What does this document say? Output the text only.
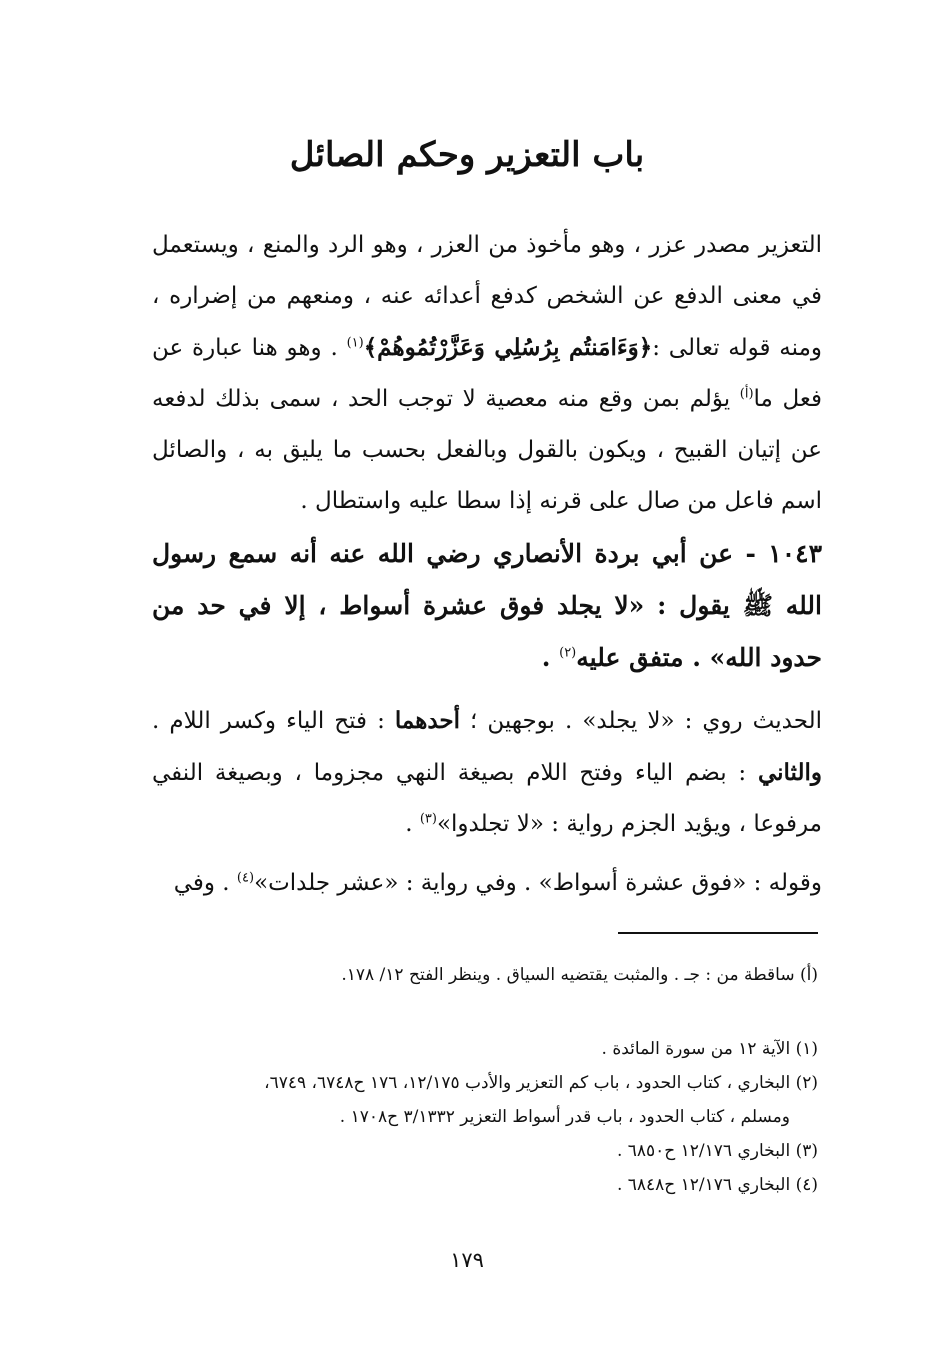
باب التعزير وحكم الصائل
التعزير مصدر عزر ، وهو مأخوذ من العزر ، وهو الرد والمنع ، ويستعمل في معنى الدفع عن الشخص كدفع أعدائه عنه ، ومنعهم من إضراره ، ومنه قوله تعالى :﴿وَءَامَنتُم بِرُسُلِي وَعَزَّرْتُمُوهُمْ﴾$^{(١)}$ . وهو هنا عبارة عن فعل ما$^{(أ)}$ يؤلم بمن وقع منه معصية لا توجب الحد ، سمى بذلك لدفعه عن إتيان القبيح ، ويكون بالقول وبالفعل بحسب ما يليق به ، والصائل اسم فاعل من صال على قرنه إذا سطا عليه واستطال .
١٠٤٣ - عن أبي بردة الأنصاري رضي الله عنه أنه سمع رسول الله ﷺ يقول : «لا يجلد فوق عشرة أسواط ، إلا في حد من حدود الله» . متفق عليه$^{(٢)}$ .
الحديث روي : «لا يجلد» . بوجهين ؛ أحدهما : فتح الياء وكسر اللام . والثاني : بضم الياء وفتح اللام بصيغة النهي مجزوما ، وبصيغة النفي مرفوعا ، ويؤيد الجزم رواية : «لا تجلدوا»$^{(٣)}$ .
وقوله : «فوق عشرة أسواط» . وفي رواية : «عشر جلدات»$^{(٤)}$ . وفي
(أ) ساقطة من : جـ . والمثبت يقتضيه السياق . وينظر الفتح ١٢/ ١٧٨.
(١) الآية ١٢ من سورة المائدة .
(٢) البخاري ، كتاب الحدود ، باب كم التعزير والأدب ١٢/١٧٥، ١٧٦ ح٦٧٤٨، ٦٧٤٩،
ومسلم ، كتاب الحدود ، باب قدر أسواط التعزير ٣/١٣٣٢ ح١٧٠٨ .
(٣) البخاري ١٢/١٧٦ ح٦٨٥٠ .
(٤) البخاري ١٢/١٧٦ ح٦٨٤٨ .
١٧٩
